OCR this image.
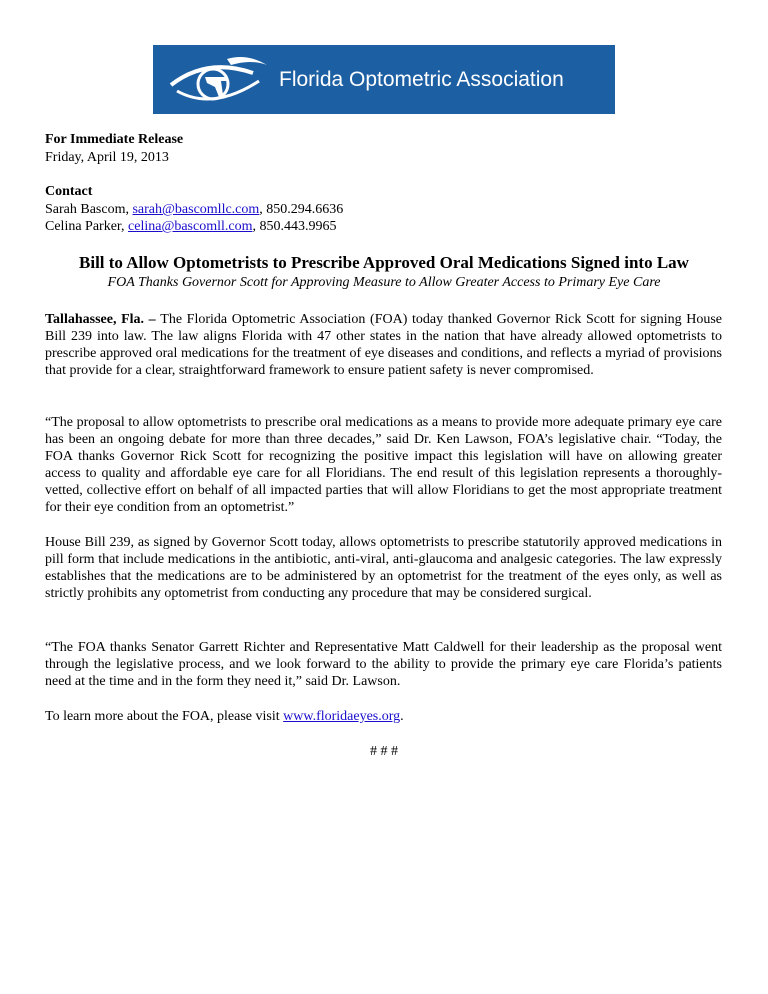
Florida Optometric Association
For Immediate Release
Friday, April 19, 2013
Contact
Sarah Bascom, sarah@bascomllc.com, 850.294.6636
Celina Parker, celina@bascomll.com, 850.443.9965
Bill to Allow Optometrists to Prescribe Approved Oral Medications Signed into Law
FOA Thanks Governor Scott for Approving Measure to Allow Greater Access to Primary Eye Care
Tallahassee, Fla. – The Florida Optometric Association (FOA) today thanked Governor Rick Scott for signing House Bill 239 into law. The law aligns Florida with 47 other states in the nation that have already allowed optometrists to prescribe approved oral medications for the treatment of eye diseases and conditions, and reflects a myriad of provisions that provide for a clear, straightforward framework to ensure patient safety is never compromised.
“The proposal to allow optometrists to prescribe oral medications as a means to provide more adequate primary eye care has been an ongoing debate for more than three decades,” said Dr. Ken Lawson, FOA’s legislative chair. “Today, the FOA thanks Governor Rick Scott for recognizing the positive impact this legislation will have on allowing greater access to quality and affordable eye care for all Floridians. The end result of this legislation represents a thoroughly-vetted, collective effort on behalf of all impacted parties that will allow Floridians to get the most appropriate treatment for their eye condition from an optometrist.”
House Bill 239, as signed by Governor Scott today, allows optometrists to prescribe statutorily approved medications in pill form that include medications in the antibiotic, anti-viral, anti-glaucoma and analgesic categories. The law expressly establishes that the medications are to be administered by an optometrist for the treatment of the eyes only, as well as strictly prohibits any optometrist from conducting any procedure that may be considered surgical.
“The FOA thanks Senator Garrett Richter and Representative Matt Caldwell for their leadership as the proposal went through the legislative process, and we look forward to the ability to provide the primary eye care Florida’s patients need at the time and in the form they need it,” said Dr. Lawson.
To learn more about the FOA, please visit www.floridaeyes.org.
# # #
